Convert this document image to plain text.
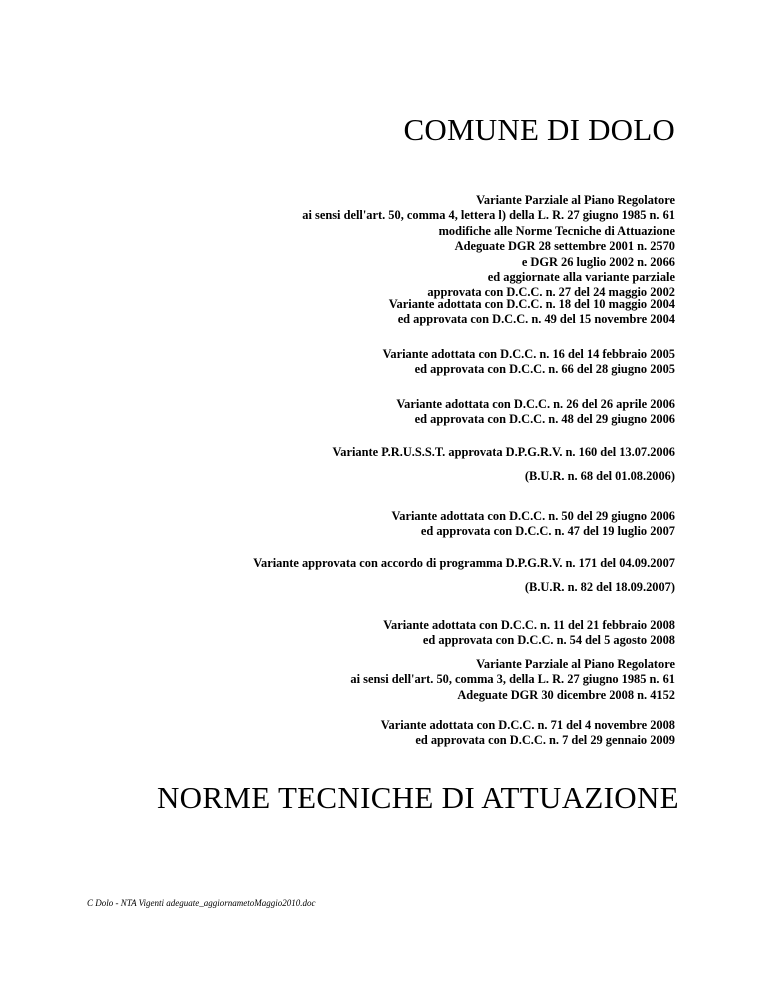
COMUNE DI DOLO
Variante Parziale al Piano Regolatore
ai sensi dell'art. 50, comma 4, lettera l) della L. R. 27 giugno 1985 n. 61
modifiche alle Norme Tecniche di Attuazione
Adeguate DGR 28 settembre 2001 n. 2570
e DGR 26 luglio 2002 n. 2066
ed aggiornate alla variante parziale
approvata con D.C.C. n. 27 del 24 maggio 2002
Variante adottata con D.C.C. n. 18 del 10 maggio 2004
ed approvata con D.C.C. n. 49 del 15 novembre 2004
Variante adottata con D.C.C. n. 16 del 14 febbraio 2005
ed approvata con D.C.C. n. 66 del 28 giugno 2005
Variante adottata con D.C.C. n. 26 del 26 aprile 2006
ed approvata con D.C.C. n. 48 del 29 giugno 2006
Variante P.R.U.S.S.T. approvata D.P.G.R.V. n. 160 del 13.07.2006
(B.U.R. n. 68 del 01.08.2006)
Variante adottata con D.C.C. n. 50 del 29 giugno 2006
ed approvata con D.C.C. n. 47 del 19 luglio 2007
Variante approvata con accordo di programma D.P.G.R.V. n. 171 del 04.09.2007
(B.U.R. n. 82 del 18.09.2007)
Variante adottata con D.C.C. n. 11 del 21 febbraio 2008
ed approvata con D.C.C. n. 54 del 5 agosto 2008
Variante Parziale al Piano Regolatore
ai sensi dell'art. 50, comma 3, della L. R. 27 giugno 1985 n. 61
Adeguate DGR 30 dicembre 2008 n. 4152
Variante adottata con D.C.C. n. 71 del 4 novembre 2008
ed approvata con D.C.C. n. 7 del 29 gennaio 2009
NORME TECNICHE DI ATTUAZIONE
C Dolo - NTA Vigenti adeguate_aggiornametoMaggio2010.doc
